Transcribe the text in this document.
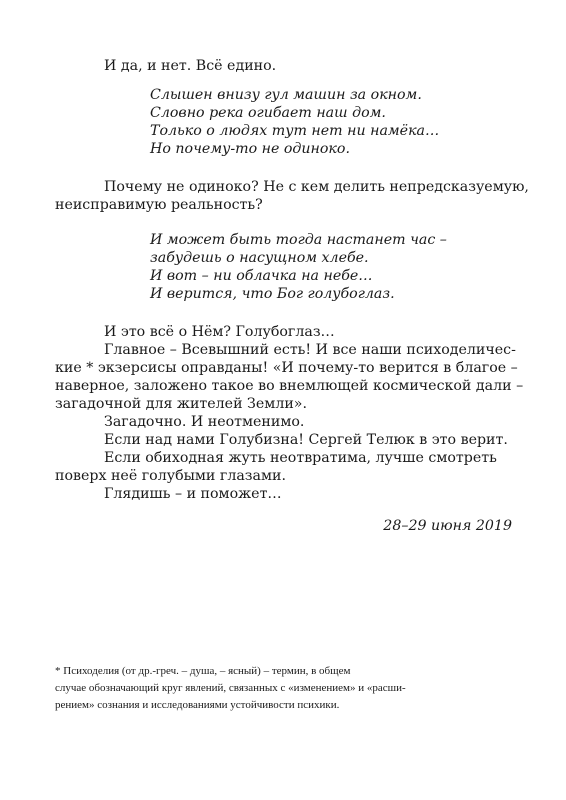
И да, и нет. Всё едино.
Слышен внизу гул машин за окном.
Словно река огибает наш дом.
Только о людях тут нет ни намёка…
Но почему-то не одиноко.
Почему не одиноко? Не с кем делить непредсказуемую,
неисправимую реальность?
И может быть тогда настанет час –
забудешь о насущном хлебе.
И вот – ни облачка на небе…
И верится, что Бог голубоглаз.
И это всё о Нём? Голубоглаз…
Главное – Всевышний есть! И все наши психоделичес-
кие * экзерсисы оправданы! «И почему-то верится в благое –
наверное, заложено такое во внемлющей космической дали –
загадочной для жителей Земли».
Загадочно. И неотменимо.
Если над нами Голубизна! Сергей Телюк в это верит.
Если обиходная жуть неотвратима, лучше смотреть
поверх неё голубыми глазами.
Глядишь – и поможет…
28–29 июня 2019
* Психоделия (от др.-греч. – душа, – ясный) – термин, в общем
случае обозначающий круг явлений, связанных с «изменением» и «расши-
рением» сознания и исследованиями устойчивости психики.
